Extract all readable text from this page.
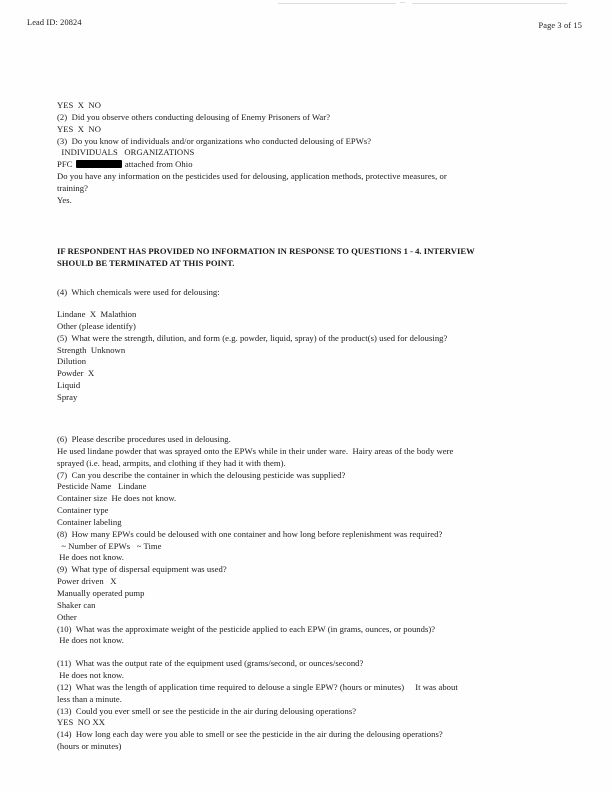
Lead ID: 20824	Page 3 of 15
YES  X  NO
(2)  Did you observe others conducting delousing of Enemy Prisoners of War?
YES  X  NO
(3)  Do you know of individuals and/or organizations who conducted delousing of EPWs?
INDIVIDUALS   ORGANIZATIONS
PFC	attached from Ohio
Do you have any information on the pesticides used for delousing, application methods, protective measures, or
training?
Yes.
IF RESPONDENT HAS PROVIDED NO INFORMATION IN RESPONSE TO QUESTIONS 1 - 4. INTERVIEW
SHOULD BE TERMINATED AT THIS POINT.
(4)  Which chemicals were used for delousing:
Lindane  X  Malathion
Other (please identify)
(5)  What were the strength, dilution, and form (e.g. powder, liquid, spray) of the product(s) used for delousing?
Strength  Unknown
Dilution
Powder  X
Liquid
Spray
(6)  Please describe procedures used in delousing.
He used lindane powder that was sprayed onto the EPWs while in their under ware.  Hairy areas of the body were
sprayed (i.e. head, armpits, and clothing if they had it with them).
(7)  Can you describe the container in which the delousing pesticide was supplied?
Pesticide Name   Lindane
Container size  He does not know.
Container type
Container labeling
(8)  How many EPWs could be deloused with one container and how long before replenishment was required?
~ Number of EPWs   ~ Time
He does not know.
(9)  What type of dispersal equipment was used?
Power driven   X
Manually operated pump
Shaker can
Other
(10)  What was the approximate weight of the pesticide applied to each EPW (in grams, ounces, or pounds)?
He does not know.
(11)  What was the output rate of the equipment used (grams/second, or ounces/second?
He does not know.
(12)  What was the length of application time required to delouse a single EPW? (hours or minutes)     It was about
less than a minute.
(13)  Could you ever smell or see the pesticide in the air during delousing operations?
YES  NO XX
(14)  How long each day were you able to smell or see the pesticide in the air during the delousing operations?
(hours or minutes)
